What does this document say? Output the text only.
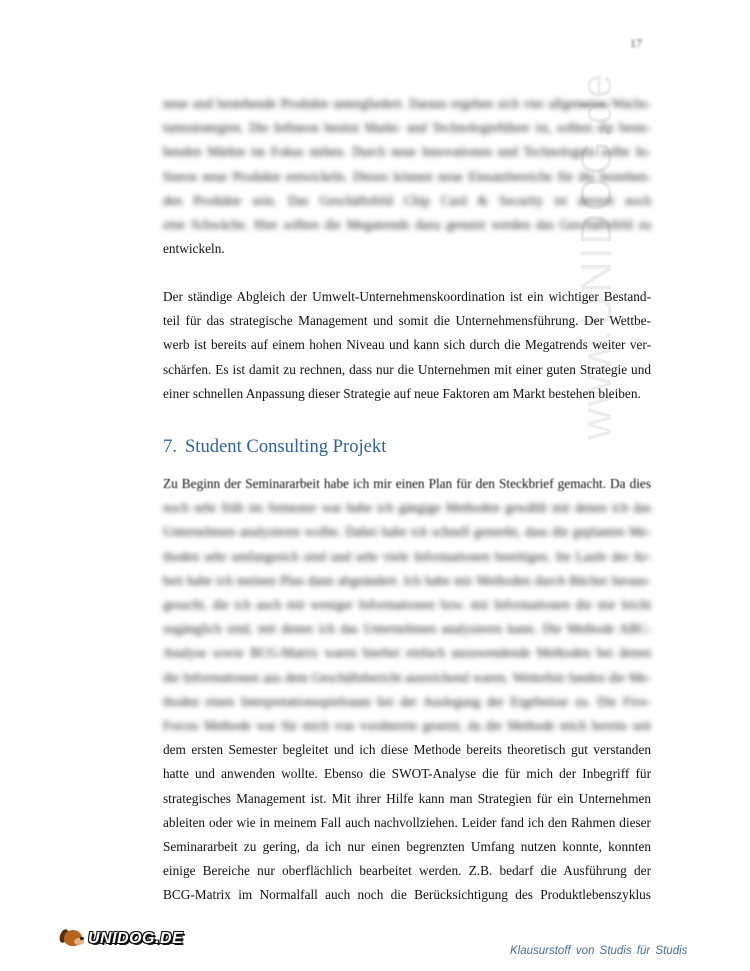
17
www.UNIDOG.de
neue und bestehende Produkte untergliedert. Daraus ergeben sich vier allgemeine Wachs-
tumsstrategien. Die Infineon besitzt Markt- und Technologieführer ist, sollten die beste-
henden Märkte im Fokus stehen. Durch neue Innovationen und Technologien sollte In-
fineon neue Produkte entwickeln. Dieses können neue Einsatzbereiche für die bestehen-
den Produkte sein. Das Geschäftsfeld Chip Card & Security ist derzeit noch
eine Schwäche. Hier sollten die Megatrends dazu genutzt werden das Geschäftsfeld zu
entwickeln.
Der ständige Abgleich der Umwelt-Unternehmenskoordination ist ein wichtiger Bestand-
teil für das strategische Management und somit die Unternehmensführung. Der Wettbe-
werb ist bereits auf einem hohen Niveau und kann sich durch die Megatrends weiter ver-
schärfen. Es ist damit zu rechnen, dass nur die Unternehmen mit einer guten Strategie und
einer schnellen Anpassung dieser Strategie auf neue Faktoren am Markt bestehen bleiben.
7. Student Consulting Projekt
Zu Beginn der Seminararbeit habe ich mir einen Plan für den Steckbrief gemacht. Da dies
noch sehr früh im Semester war habe ich gängige Methoden gewählt mit denen ich das
Unternehmen analysieren wollte. Dabei habe ich schnell gemerkt, dass die geplanten Me-
thoden sehr umfangreich sind und sehr viele Informationen benötigen. Im Laufe der Ar-
beit habe ich meinen Plan dann abgeändert. Ich habe mir Methoden durch Bücher heraus-
gesucht, die ich auch mit weniger Informationen bzw. mit Informationen die mir leicht
zugänglich sind, mit denen ich das Unternehmen analysieren kann. Die Methode ABC-
Analyse sowie BCG-Matrix waren hierbei einfach anzuwendende Methoden bei denen
die Informationen aus dem Geschäftsbericht ausreichend waren. Weiterhin fanden die Me-
thoden einen Interpretationsspielraum bei der Auslegung der Ergebnisse zu. Die Five-
Forces Methode war für mich von vornherein gesetzt, da die Methode mich bereits seit
dem ersten Semester begleitet und ich diese Methode bereits theoretisch gut verstanden
hatte und anwenden wollte. Ebenso die SWOT-Analyse die für mich der Inbegriff für
strategisches Management ist. Mit ihrer Hilfe kann man Strategien für ein Unternehmen
ableiten oder wie in meinem Fall auch nachvollziehen. Leider fand ich den Rahmen dieser
Seminararbeit zu gering, da ich nur einen begrenzten Umfang nutzen konnte, konnten
einige Bereiche nur oberflächlich bearbeitet werden. Z.B. bedarf die Ausführung der
BCG-Matrix im Normalfall auch noch die Berücksichtigung des Produktlebenszyklus
UNIDOG.DE
Klausurstoff von Studis für Studis
